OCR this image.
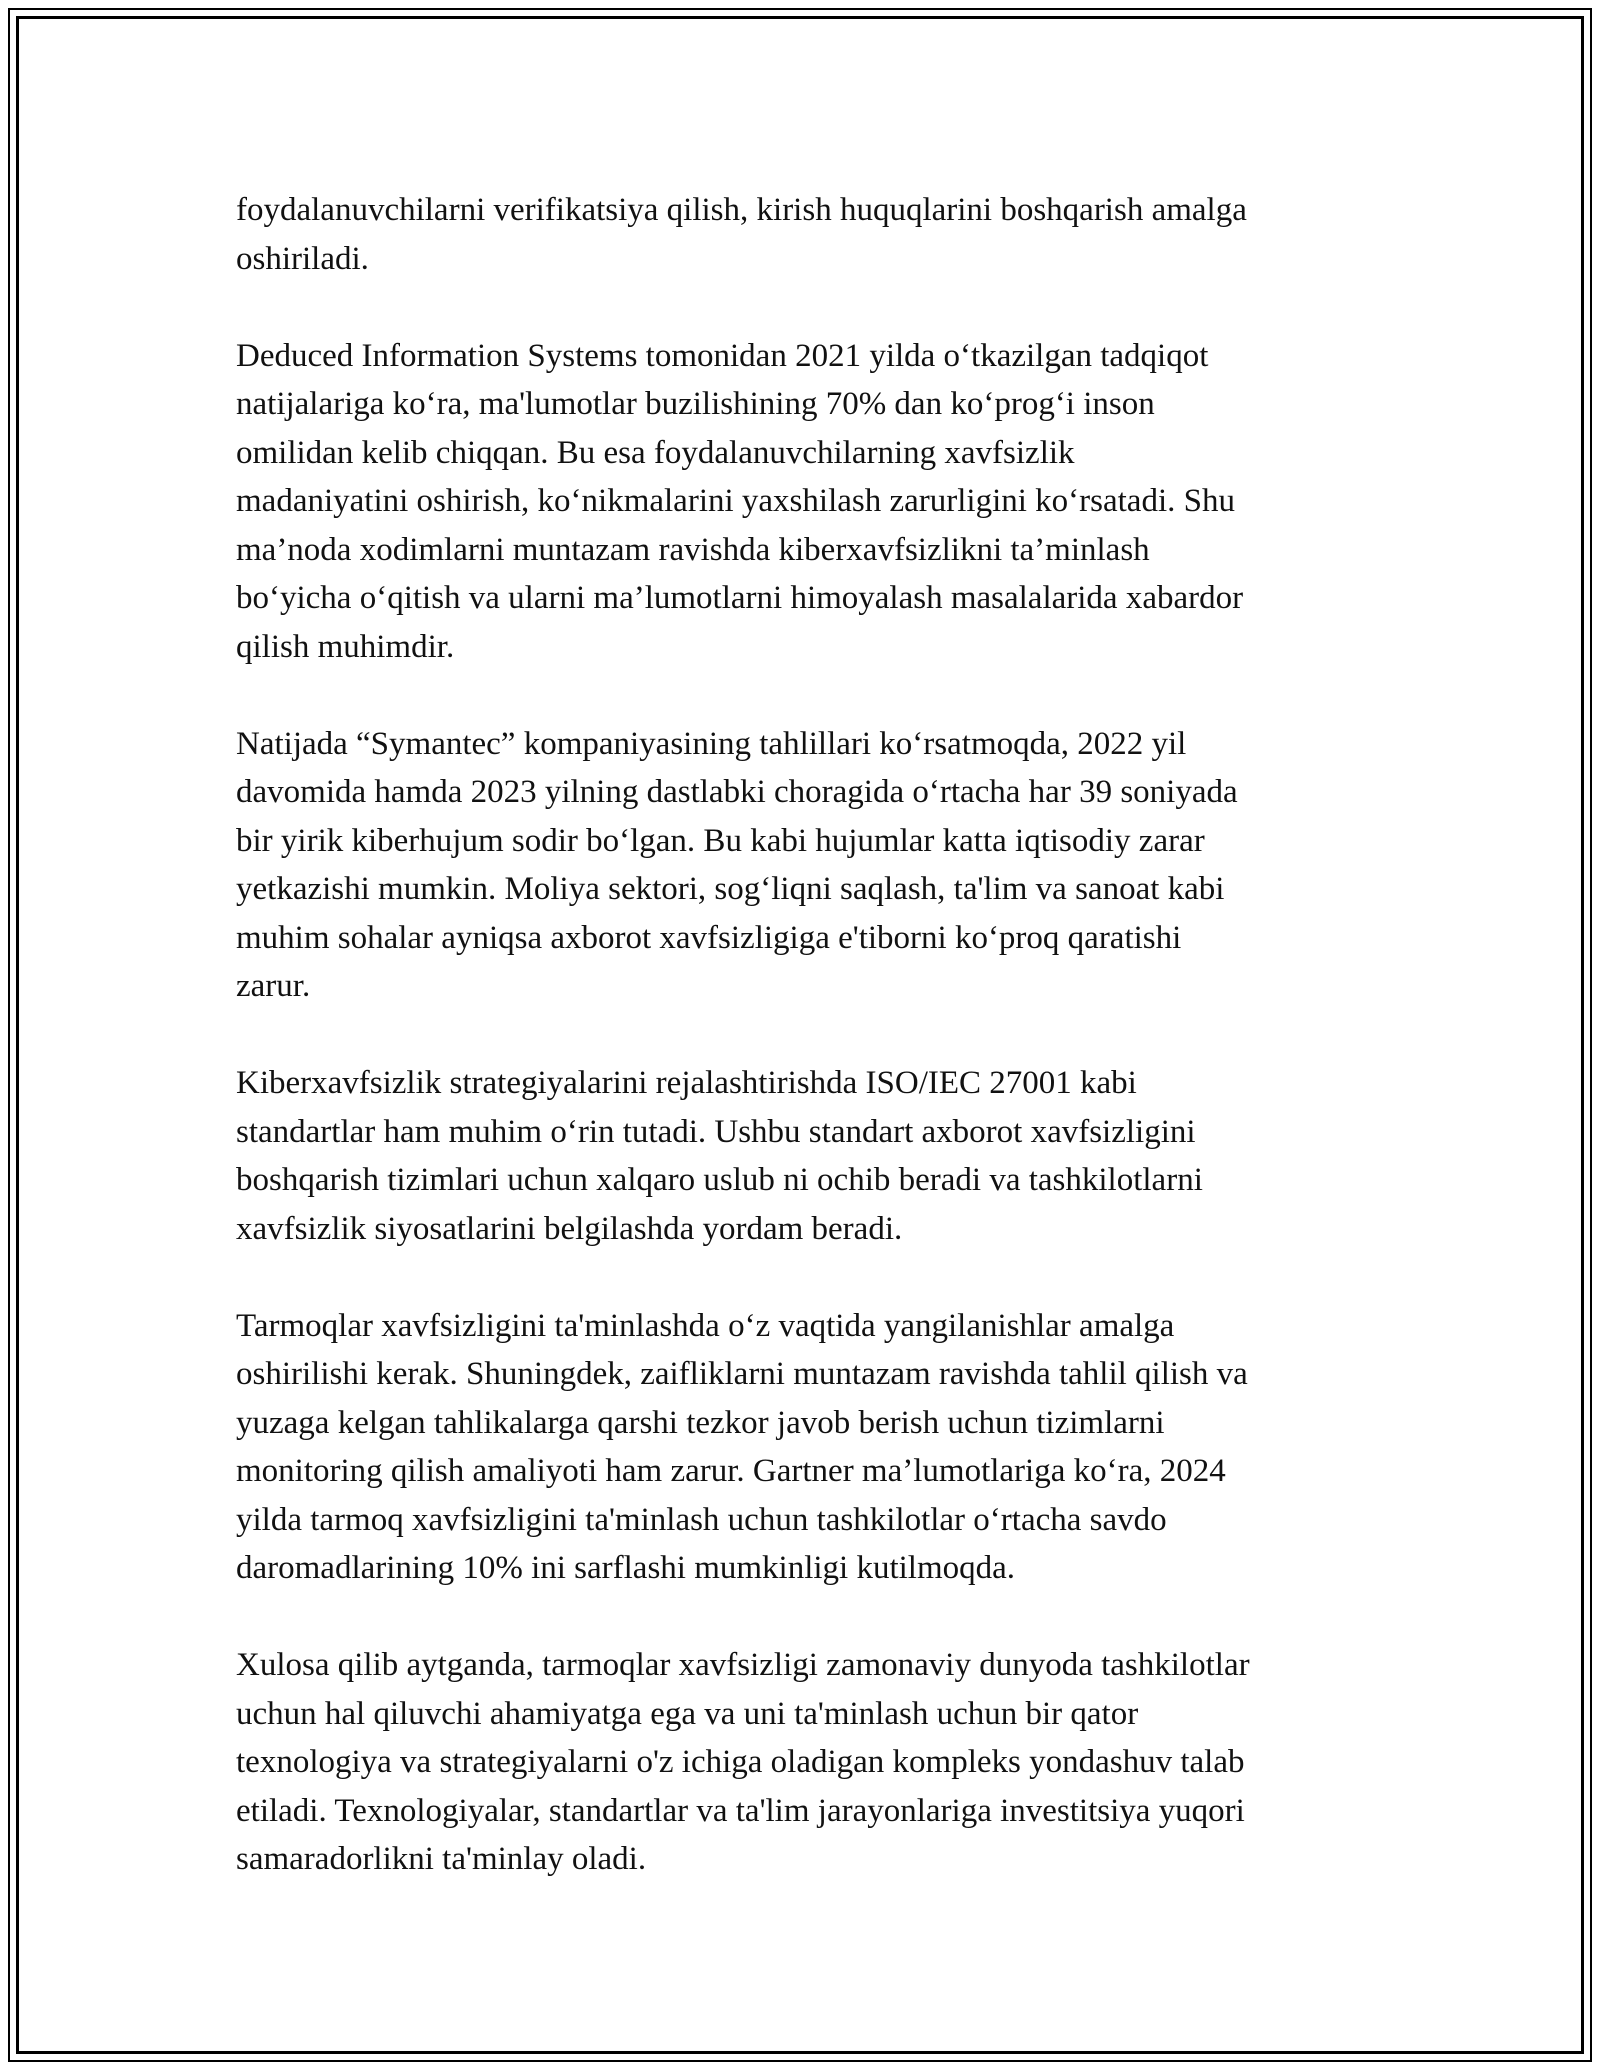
foydalanuvchilarni verifikatsiya qilish, kirish huquqlarini boshqarish amalga
oshiriladi.

Deduced Information Systems tomonidan 2021 yilda o‘tkazilgan tadqiqot
natijalariga ko‘ra, ma'lumotlar buzilishining 70% dan ko‘prog‘i inson
omilidan kelib chiqqan. Bu esa foydalanuvchilarning xavfsizlik
madaniyatini oshirish, ko‘nikmalarini yaxshilash zarurligini ko‘rsatadi. Shu
ma’noda xodimlarni muntazam ravishda kiberxavfsizlikni ta’minlash
bo‘yicha o‘qitish va ularni ma’lumotlarni himoyalash masalalarida xabardor
qilish muhimdir.

Natijada “Symantec” kompaniyasining tahlillari ko‘rsatmoqda, 2022 yil
davomida hamda 2023 yilning dastlabki choragida o‘rtacha har 39 soniyada
bir yirik kiberhujum sodir bo‘lgan. Bu kabi hujumlar katta iqtisodiy zarar
yetkazishi mumkin. Moliya sektori, sog‘liqni saqlash, ta'lim va sanoat kabi
muhim sohalar ayniqsa axborot xavfsizligiga e'tiborni ko‘proq qaratishi
zarur.

Kiberxavfsizlik strategiyalarini rejalashtirishda ISO/IEC 27001 kabi
standartlar ham muhim o‘rin tutadi. Ushbu standart axborot xavfsizligini
boshqarish tizimlari uchun xalqaro uslub ni ochib beradi va tashkilotlarni
xavfsizlik siyosatlarini belgilashda yordam beradi.

Tarmoqlar xavfsizligini ta'minlashda o‘z vaqtida yangilanishlar amalga
oshirilishi kerak. Shuningdek, zaifliklarni muntazam ravishda tahlil qilish va
yuzaga kelgan tahlikalarga qarshi tezkor javob berish uchun tizimlarni
monitoring qilish amaliyoti ham zarur. Gartner ma’lumotlariga ko‘ra, 2024
yilda tarmoq xavfsizligini ta'minlash uchun tashkilotlar o‘rtacha savdo
daromadlarining 10% ini sarflashi mumkinligi kutilmoqda.

Xulosa qilib aytganda, tarmoqlar xavfsizligi zamonaviy dunyoda tashkilotlar
uchun hal qiluvchi ahamiyatga ega va uni ta'minlash uchun bir qator
texnologiya va strategiyalarni o'z ichiga oladigan kompleks yondashuv talab
etiladi. Texnologiyalar, standartlar va ta'lim jarayonlariga investitsiya yuqori
samaradorlikni ta'minlay oladi.
